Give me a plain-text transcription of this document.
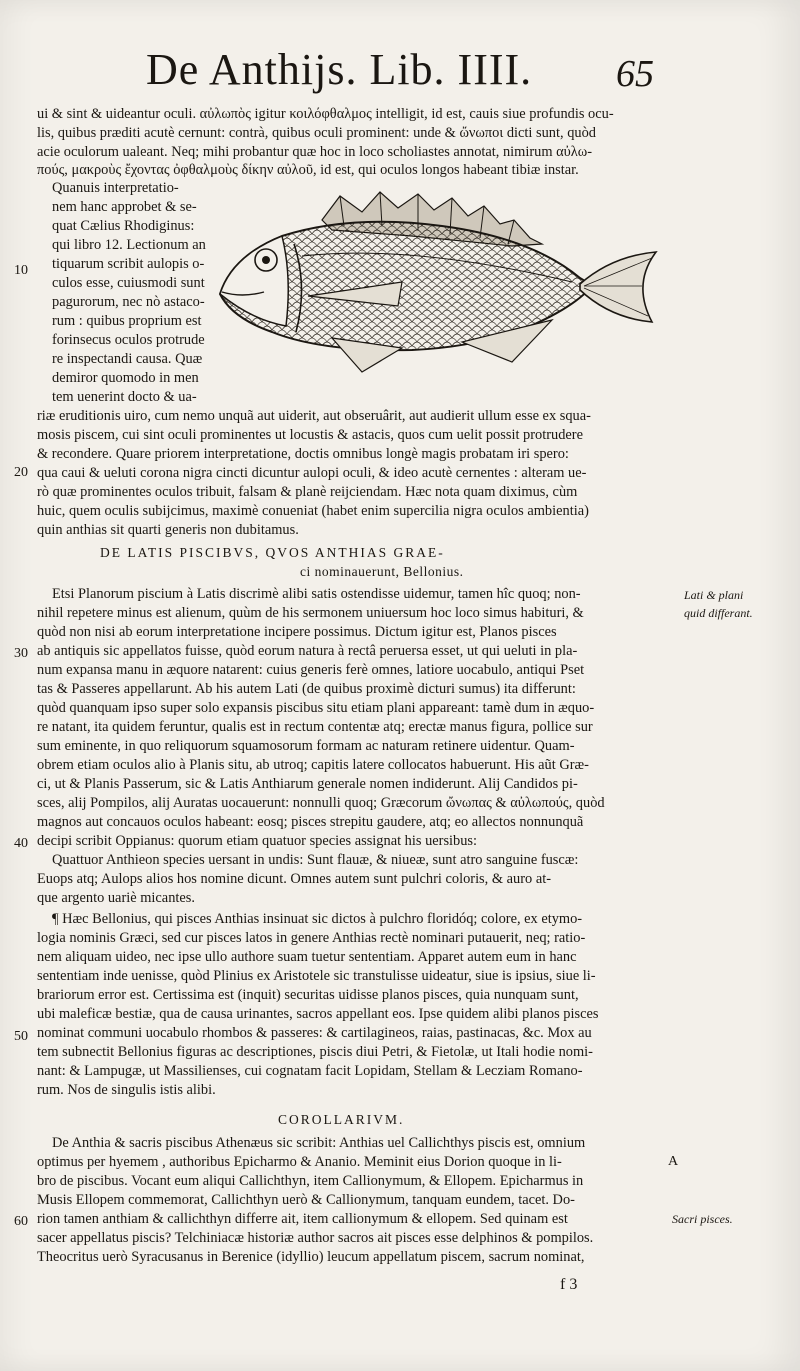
De Anthijs. Lib. IIII. 65
ui & sint & uideantur oculi. αὐλωπὸς igitur κοιλόφθαλμος intelligit, id est, cauis siue profundis ocu-
lis, quibus præditi acutè cernunt: contrà, quibus oculi prominent: unde & ὤνωποι dicti sunt, quòd
acie oculorum ualeant. Neq; mihi probantur quæ hoc in loco scholiastes annotat, nimirum αὐλω-
πούς, μακροὺς ἔχοντας ὀφθαλμοὺς δίκην αὐλοῦ, id est, qui oculos longos habeant tibiæ instar.
Quanuis interpretatio-
nem hanc approbet & se-
quat Cælius Rhodiginus:
qui libro 12. Lectionum an
tiquarum scribit aulopis o-
culos esse, cuiusmodi sunt
pagurorum, nec nò astaco-
rum : quibus proprium est
forinsecus oculos protrude
re inspectandi causa. Quæ
demiror quomodo in men
tem uenerint docto & ua-
riæ eruditionis uiro, cum nemo unquã aut uiderit, aut obseruârit, aut audierit ullum esse ex squa-
mosis piscem, cui sint oculi prominentes ut locustis & astacis, quos cum uelit possit protrudere
& recondere. Quare priorem interpretatione, doctis omnibus longè magis probatam iri spero:
qua caui & ueluti corona nigra cincti dicuntur aulopi oculi, & ideo acutè cernentes : alteram ue-
rò quæ prominentes oculos tribuit, falsam & planè reijciendam. Hæc nota quam diximus, cùm
huic, quem oculis subijcimus, maximè conueniat (habet enim supercilia nigra oculos ambientia)
quin anthias sit quarti generis non dubitamus.
DE LATIS PISCIBVS, QVOS ANTHIAS GRAE-
ci nominauerunt, Bellonius.
Etsi Planorum piscium à Latis discrimè alibi satis ostendisse uidemur, tamen hîc quoq; non-
nihil repetere minus est alienum, quùm de his sermonem uniuersum hoc loco simus habituri, &
quòd non nisi ab eorum interpretatione incipere possimus. Dictum igitur est, Planos pisces
ab antiquis sic appellatos fuisse, quòd eorum natura à rectâ peruersa esset, ut qui ueluti in pla-
num expansa manu in æquore natarent: cuius generis ferè omnes, latiore uocabulo, antiqui Pset
tas & Passeres appellarunt. Ab his autem Lati (de quibus proximè dicturi sumus) ita differunt:
quòd quanquam ipso super solo expansis piscibus situ etiam plani appareant: tamè dum in æquo-
re natant, ita quidem feruntur, qualis est in rectum contentæ atq; erectæ manus figura, pollice sur
sum eminente, in quo reliquorum squamosorum formam ac naturam retinere uidentur. Quam-
obrem etiam oculos alio à Planis situ, ab utroq; capitis latere collocatos habuerunt. His aũt Græ-
ci, ut & Planis Passerum, sic & Latis Anthiarum generale nomen indiderunt. Alij Candidos pi-
sces, alij Pompilos, alij Auratas uocauerunt: nonnulli quoq; Græcorum ὤνωπας & αὐλωπούς, quòd
magnos aut concauos oculos habeant: eosq; pisces strepitu gaudere, atq; eo allectos nonnunquã
decipi scribit Oppianus: quorum etiam quatuor species assignat his uersibus:
Quattuor Anthieon species uersant in undis: Sunt flauæ, & niueæ, sunt atro sanguine fuscæ:
Euops atq; Aulops alios hos nomine dicunt. Omnes autem sunt pulchri coloris, & auro at-
que argento uariè micantes.
¶ Hæc Bellonius, qui pisces Anthias insinuat sic dictos à pulchro floridóq; colore, ex etymo-
logia nominis Græci, sed cur pisces latos in genere Anthias rectè nominari putauerit, neq; ratio-
nem aliquam uideo, nec ipse ullo authore suam tuetur sententiam. Apparet autem eum in hanc
sententiam inde uenisse, quòd Plinius ex Aristotele sic transtulisse uideatur, siue is ipsius, siue li-
brariorum error est. Certissima est (inquit) securitas uidisse planos pisces, quia nunquam sunt,
ubi maleficæ bestiæ, qua de causa urinantes, sacros appellant eos. Ipse quidem alibi planos pisces
nominat communi uocabulo rhombos & passeres: & cartilagineos, raias, pastinacas, &c. Mox au
tem subnectit Bellonius figuras ac descriptiones, piscis diui Petri, & Fietolæ, ut Itali hodie nomi-
nant: & Lampugæ, ut Massilienses, cui cognatam facit Lopidam, Stellam & Lecziam Romano-
rum. Nos de singulis istis alibi.
COROLLARIVM.
De Anthia & sacris piscibus Athenæus sic scribit: Anthias uel Callichthys piscis est, omnium
optimus per hyemem , authoribus Epicharmo & Ananio. Meminit eius Dorion quoque in li-
bro de piscibus. Vocant eum aliqui Callichthyn, item Callionymum, & Ellopem. Epicharmus in
Musis Ellopem commemorat, Callichthyn uerò & Callionymum, tanquam eundem, tacet. Do-
rion tamen anthiam & callichthyn differre ait, item callionymum & ellopem. Sed quinam est
sacer appellatus piscis? Telchiniacæ historiæ author sacros ait pisces esse delphinos & pompilos.
Theocritus uerò Syracusanus in Berenice (idyllio) leucum appellatum piscem, sacrum nominat,
f 3
10
20
30
40
50
60
Lati & plani
quid differant.
A
Sacri pisces.
